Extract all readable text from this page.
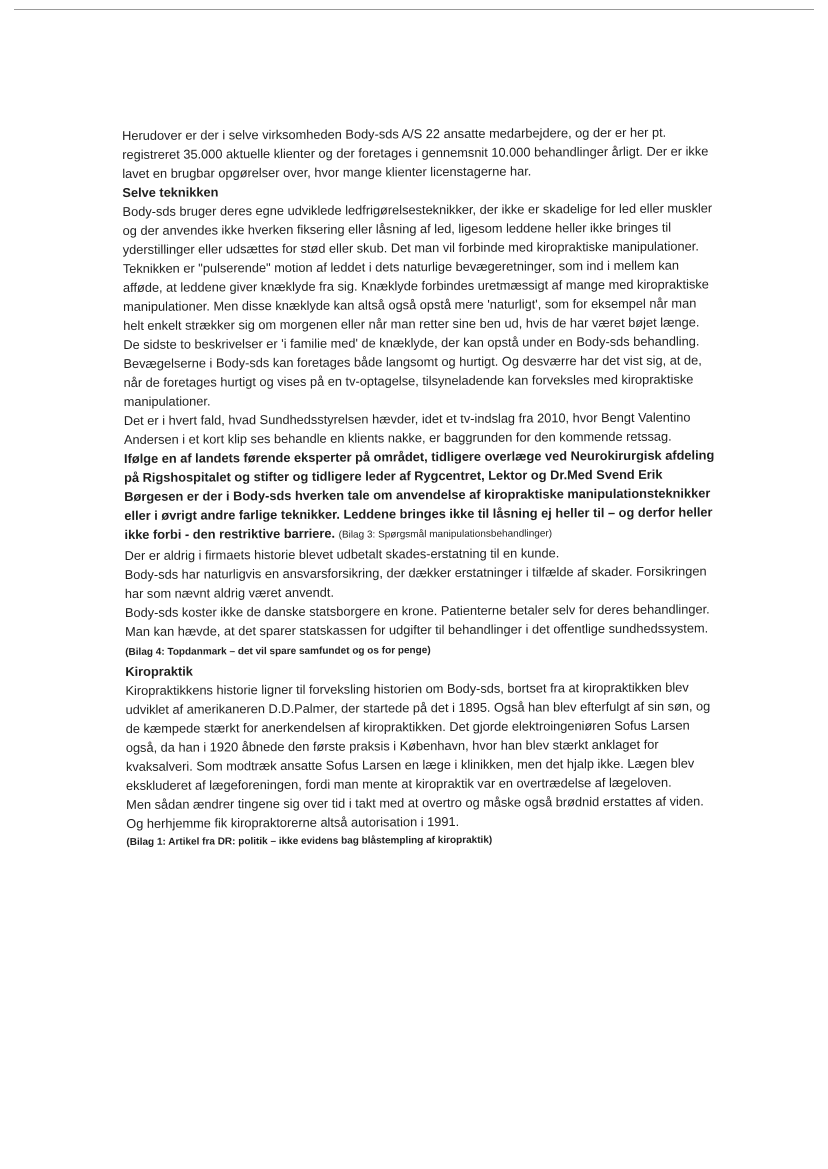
Herudover er der i selve virksomheden Body-sds A/S 22 ansatte medarbejdere, og der er her pt. registreret 35.000 aktuelle klienter og der foretages i gennemsnit 10.000 behandlinger årligt. Der er ikke lavet en brugbar opgørelser over, hvor mange klienter licenstagerne har.

Selve teknikken

Body-sds bruger deres egne udviklede ledfrigørelsesteknikker, der ikke er skadelige for led eller muskler og der anvendes ikke hverken fiksering eller låsning af led, ligesom leddene heller ikke bringes til yderstillinger eller udsættes for stød eller skub. Det man vil forbinde med kiropraktiske manipulationer.

Teknikken er "pulserende" motion af leddet i dets naturlige bevægeretninger, som ind i mellem kan afføde, at leddene giver knæklyde fra sig. Knæklyde forbindes uretmæssigt af mange med kiropraktiske manipulationer. Men disse knæklyde kan altså også opstå mere 'naturligt', som for eksempel når man helt enkelt strækker sig om morgenen eller når man retter sine ben ud, hvis de har været bøjet længe. De sidste to beskrivelser er 'i familie med' de knæklyde, der kan opstå under en Body-sds behandling.

Bevægelserne i Body-sds kan foretages både langsomt og hurtigt. Og desværre har det vist sig, at de, når de foretages hurtigt og vises på en tv-optagelse, tilsyneladende kan forveksles med kiropraktiske manipulationer.

Det er i hvert fald, hvad Sundhedsstyrelsen hævder, idet et tv-indslag fra 2010, hvor Bengt Valentino Andersen i et kort klip ses behandle en klients nakke, er baggrunden for den kommende retssag.

Ifølge en af landets førende eksperter på området, tidligere overlæge ved Neurokirurgisk afdeling på Rigshospitalet og stifter og tidligere leder af Rygcentret, Lektor og Dr.Med Svend Erik Børgesen er der i Body-sds hverken tale om anvendelse af kiropraktiske manipulationsteknikker eller i øvrigt andre farlige teknikker. Leddene bringes ikke til låsning ej heller til – og derfor heller ikke forbi - den restriktive barriere. (Bilag 3: Spørgsmål manipulationsbehandlinger)

Der er aldrig i firmaets historie blevet udbetalt skades-erstatning til en kunde.

Body-sds har naturligvis en ansvarsforsikring, der dækker erstatninger i tilfælde af skader. Forsikringen har som nævnt aldrig været anvendt.

Body-sds koster ikke de danske statsborgere en krone. Patienterne betaler selv for deres behandlinger. Man kan hævde, at det sparer statskassen for udgifter til behandlinger i det offentlige sundhedssystem. (Bilag 4: Topdanmark – det vil spare samfundet og os for penge)

Kiropraktik

Kiropraktikkens historie ligner til forveksling historien om Body-sds, bortset fra at kiropraktikken blev udviklet af amerikaneren D.D.Palmer, der startede på det i 1895. Også han blev efterfulgt af sin søn, og de kæmpede stærkt for anerkendelsen af kiropraktikken. Det gjorde elektroingeniøren Sofus Larsen også, da han i 1920 åbnede den første praksis i København, hvor han blev stærkt anklaget for kvaksalveri. Som modtræk ansatte Sofus Larsen en læge i klinikken, men det hjalp ikke. Lægen blev ekskluderet af lægeforeningen, fordi man mente at kiropraktik var en overtrædelse af lægeloven.

Men sådan ændrer tingene sig over tid i takt med at overtro og måske også brødnid erstattes af viden. Og herhjemme fik kiropraktorerne altså autorisation i 1991.

(Bilag 1: Artikel fra DR: politik – ikke evidens bag blåstempling af kiropraktik)
